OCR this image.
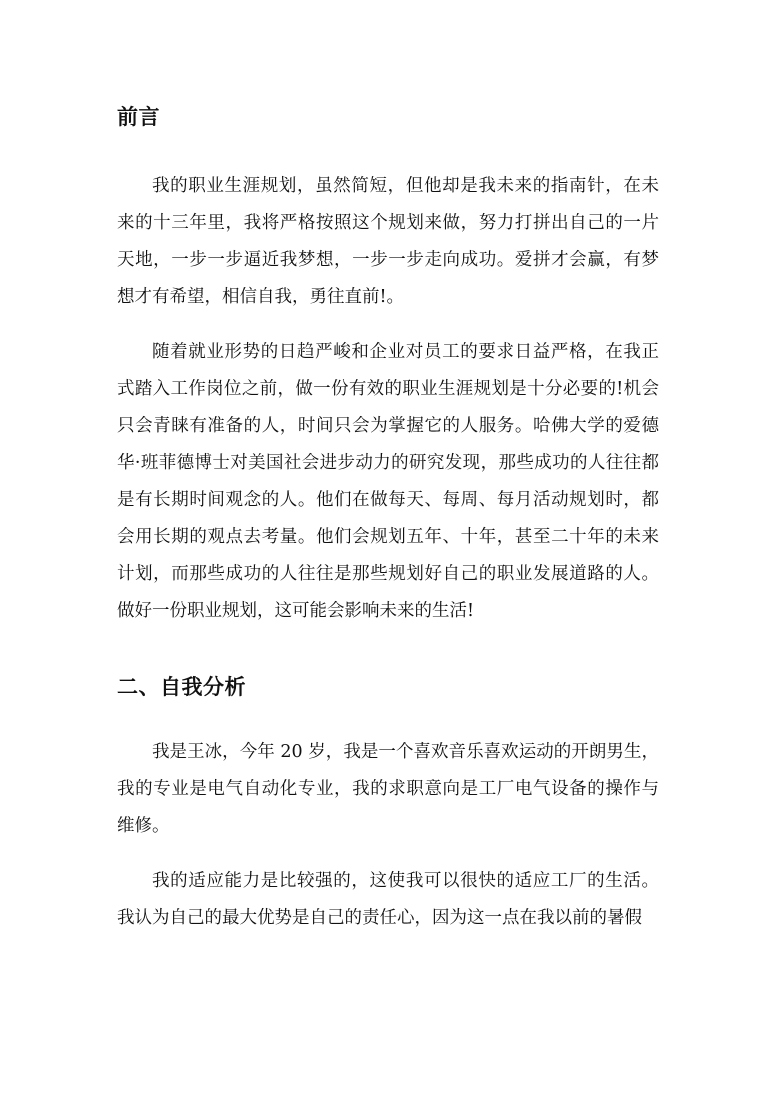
前言

我的职业生涯规划，虽然简短，但他却是我未来的指南针，在未来的十三年里，我将严格按照这个规划来做，努力打拼出自己的一片天地，一步一步逼近我梦想，一步一步走向成功。爱拼才会赢，有梦想才有希望，相信自我，勇往直前!。

随着就业形势的日趋严峻和企业对员工的要求日益严格，在我正式踏入工作岗位之前，做一份有效的职业生涯规划是十分必要的!机会只会青睐有准备的人，时间只会为掌握它的人服务。哈佛大学的爱德华·班菲德博士对美国社会进步动力的研究发现，那些成功的人往往都是有长期时间观念的人。他们在做每天、每周、每月活动规划时，都会用长期的观点去考量。他们会规划五年、十年，甚至二十年的未来计划，而那些成功的人往往是那些规划好自己的职业发展道路的人。做好一份职业规划，这可能会影响未来的生活!

二、自我分析

我是王冰，今年 20 岁，我是一个喜欢音乐喜欢运动的开朗男生，我的专业是电气自动化专业，我的求职意向是工厂电气设备的操作与维修。

我的适应能力是比较强的，这使我可以很快的适应工厂的生活。我认为自己的最大优势是自己的责任心，因为这一点在我以前的暑假
